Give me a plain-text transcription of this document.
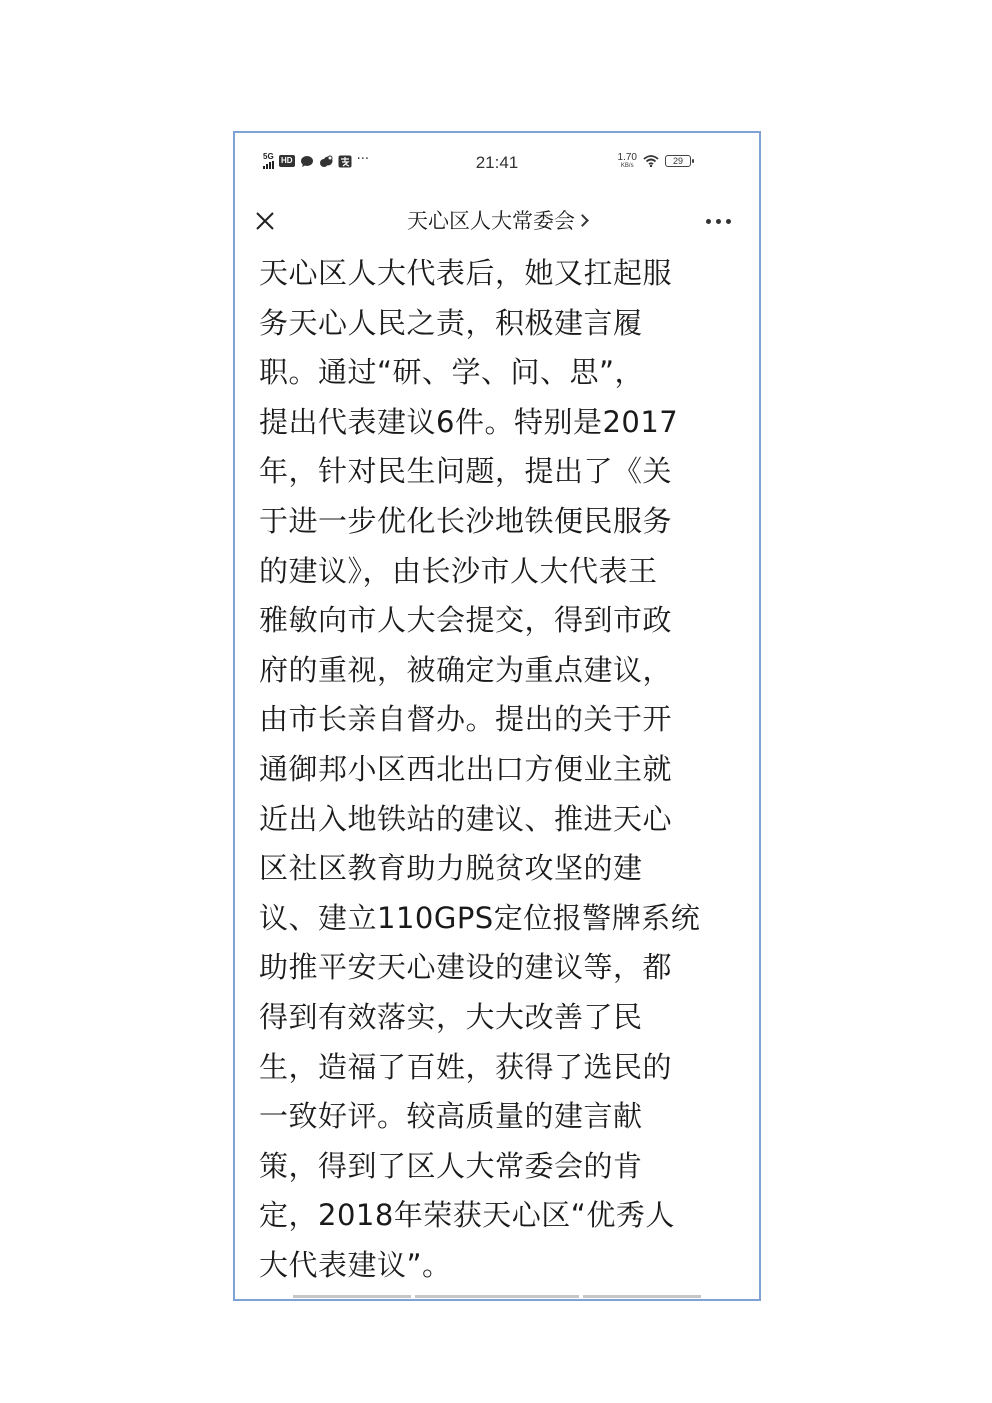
5G HD	···	21:41	1.70
KB/s
29
天心区人大常委会
天心区人大代表后，她又扛起服
务天心人民之责，积极建言履
职。通过“研、学、问、思”，
提出代表建议6件。特别是2017
年，针对民生问题，提出了《关
于进一步优化长沙地铁便民服务
的建议》，由长沙市人大代表王
雅敏向市人大会提交，得到市政
府的重视，被确定为重点建议，
由市长亲自督办。提出的关于开
通御邦小区西北出口方便业主就
近出入地铁站的建议、推进天心
区社区教育助力脱贫攻坚的建
议、建立110GPS定位报警牌系统
助推平安天心建设的建议等，都
得到有效落实，大大改善了民
生，造福了百姓，获得了选民的
一致好评。较高质量的建言献
策，得到了区人大常委会的肯
定，2018年荣获天心区“优秀人
大代表建议”。
